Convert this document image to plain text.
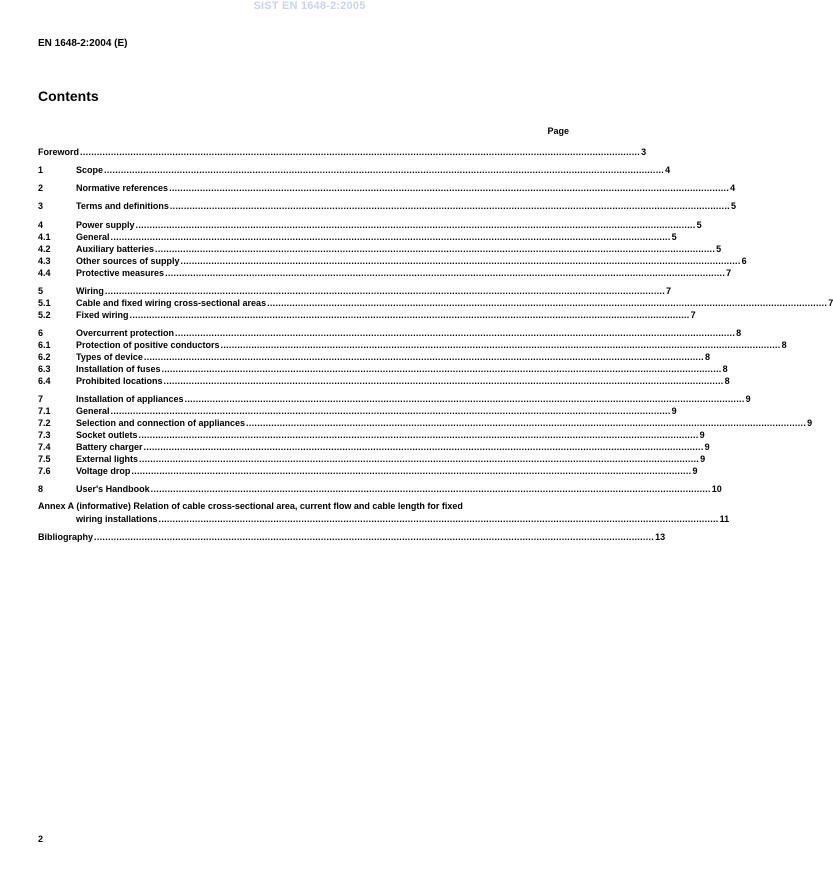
SIST EN 1648-2:2005
EN 1648-2:2004 (E)
Contents
Page
Foreword ........................................................................................................................................................................................................ 3
1	Scope ........................................................................................................................................................................................................ 4
2	Normative references ........................................................................................................................................................................................................ 4
3	Terms and definitions ........................................................................................................................................................................................................ 5
4	Power supply ........................................................................................................................................................................................................ 5
4.1	General ........................................................................................................................................................................................................ 5
4.2	Auxiliary batteries ........................................................................................................................................................................................................ 5
4.3	Other sources of supply ........................................................................................................................................................................................................ 6
4.4	Protective measures ........................................................................................................................................................................................................ 7
5	Wiring ........................................................................................................................................................................................................ 7
5.1	Cable and fixed wiring cross-sectional areas ........................................................................................................................................................................................................ 7
5.2	Fixed wiring ........................................................................................................................................................................................................ 7
6	Overcurrent protection ........................................................................................................................................................................................................ 8
6.1	Protection of positive conductors ........................................................................................................................................................................................................ 8
6.2	Types of device ........................................................................................................................................................................................................ 8
6.3	Installation of fuses ........................................................................................................................................................................................................ 8
6.4	Prohibited locations ........................................................................................................................................................................................................ 8
7	Installation of appliances ........................................................................................................................................................................................................ 9
7.1	General ........................................................................................................................................................................................................ 9
7.2	Selection and connection of appliances ........................................................................................................................................................................................................ 9
7.3	Socket outlets ........................................................................................................................................................................................................ 9
7.4	Battery charger ........................................................................................................................................................................................................ 9
7.5	External lights ........................................................................................................................................................................................................ 9
7.6	Voltage drop ........................................................................................................................................................................................................ 9
8	User's Handbook ........................................................................................................................................................................................................ 10
Annex A (informative) Relation of cable cross-sectional area, current flow and cable length for fixed
wiring installations ........................................................................................................................................................................................................ 11
Bibliography ........................................................................................................................................................................................................ 13
2
